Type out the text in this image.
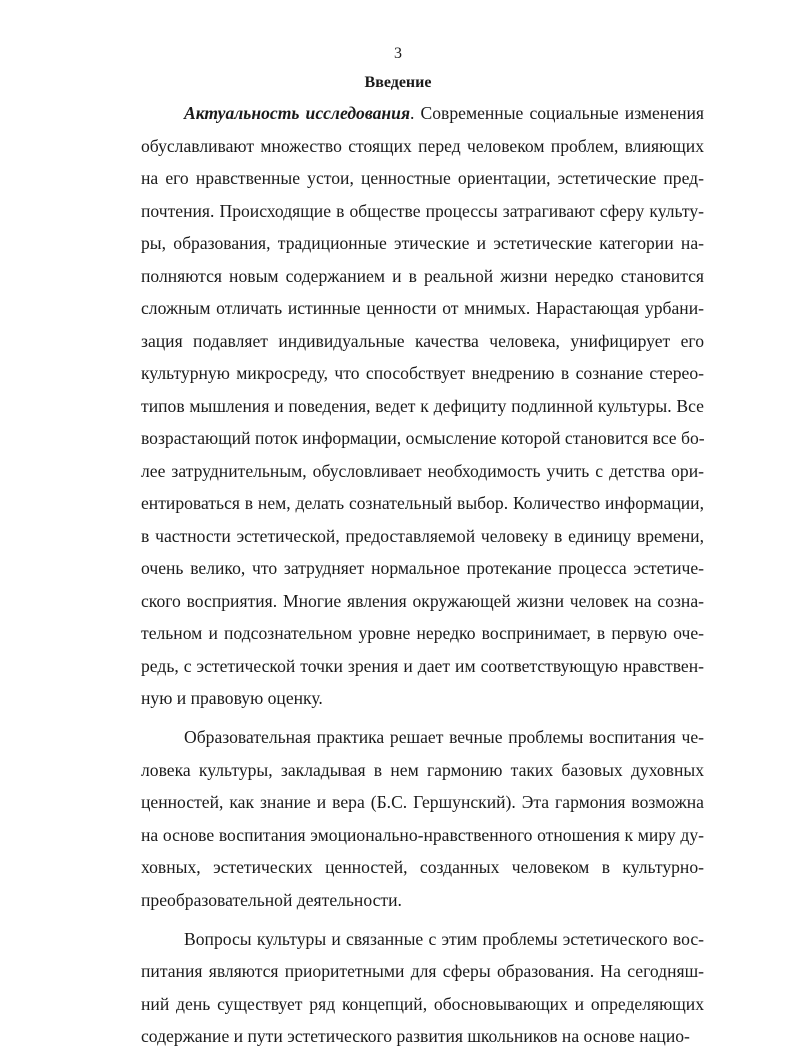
3
Введение
Актуальность исследования. Современные социальные изменения
обуславливают множество стоящих перед человеком проблем, влияющих
на его нравственные устои, ценностные ориентации, эстетические пред-
почтения. Происходящие в обществе процессы затрагивают сферу культу-
ры, образования, традиционные этические и эстетические категории на-
полняются новым содержанием и в реальной жизни нередко становится
сложным отличать истинные ценности от мнимых. Нарастающая урбани-
зация подавляет индивидуальные качества человека, унифицирует его
культурную микросреду, что способствует внедрению в сознание стерео-
типов мышления и поведения, ведет к дефициту подлинной культуры. Все
возрастающий поток информации, осмысление которой становится все бо-
лее затруднительным, обусловливает необходимость учить с детства ори-
ентироваться в нем, делать сознательный выбор. Количество информации,
в частности эстетической, предоставляемой человеку в единицу времени,
очень велико, что затрудняет нормальное протекание процесса эстетиче-
ского восприятия. Многие явления окружающей жизни человек на созна-
тельном и подсознательном уровне нередко воспринимает, в первую оче-
редь, с эстетической точки зрения и дает им соответствующую нравствен-
ную и правовую оценку.
Образовательная практика решает вечные проблемы воспитания че-
ловека культуры, закладывая в нем гармонию таких базовых духовных
ценностей, как знание и вера (Б.С. Гершунский). Эта гармония возможна
на основе воспитания эмоционально-нравственного отношения к миру ду-
ховных, эстетических ценностей, созданных человеком в культурно-
преобразовательной деятельности.
Вопросы культуры и связанные с этим проблемы эстетического вос-
питания являются приоритетными для сферы образования. На сегодняш-
ний день существует ряд концепций, обосновывающих и определяющих
содержание и пути эстетического развития школьников на основе нацио-
